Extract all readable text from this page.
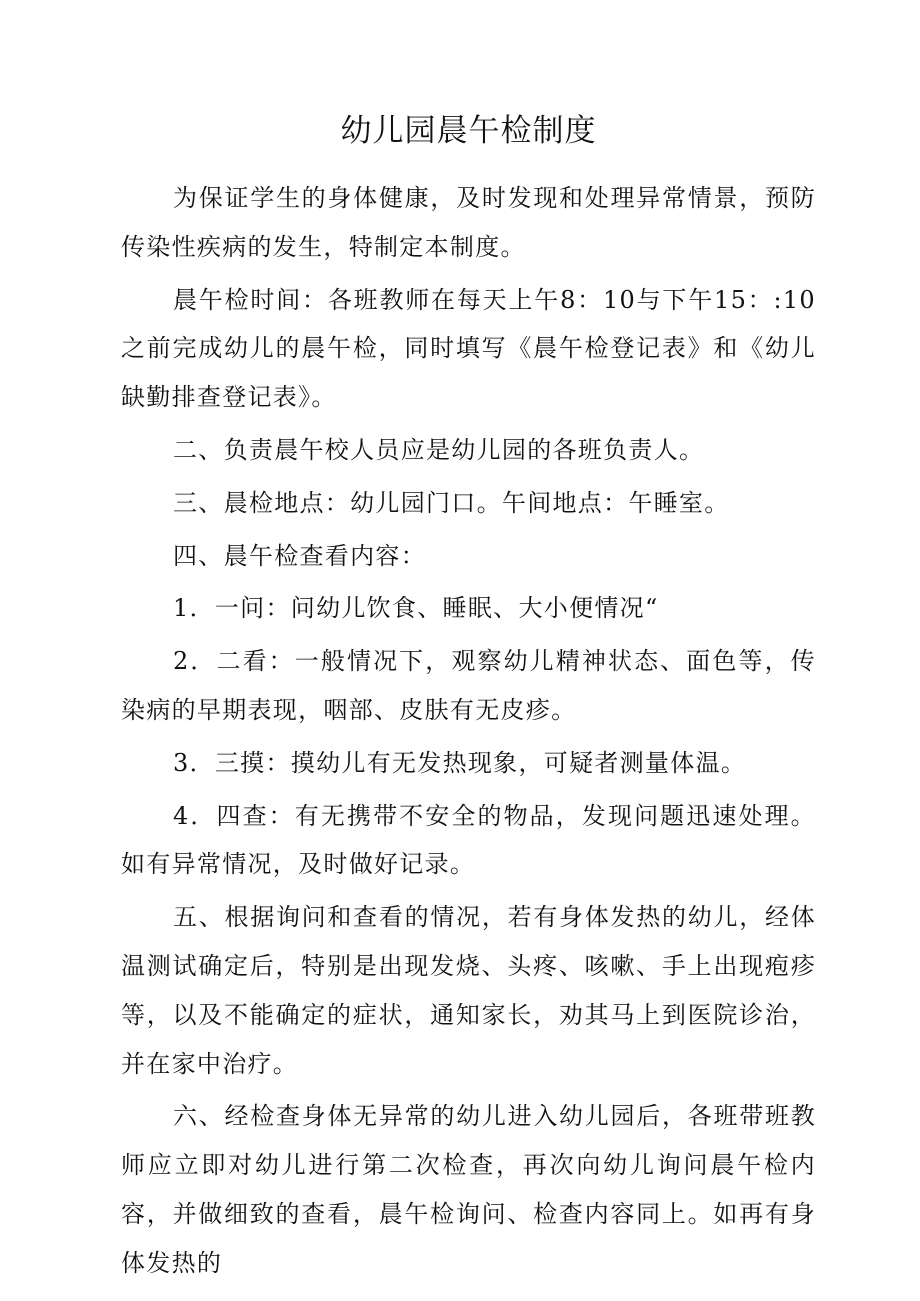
幼儿园晨午检制度

为保证学生的身体健康，及时发现和处理异常情景，预防传染性疾病的发生，特制定本制度。

晨午检时间：各班教师在每天上午8：10与下午15：:10之前完成幼儿的晨午检，同时填写《晨午检登记表》和《幼儿缺勤排查登记表》。

二、负责晨午校人员应是幼儿园的各班负责人。

三、晨检地点：幼儿园门口。午间地点：午睡室。

四、晨午检查看内容：

1．一问：问幼儿饮食、睡眠、大小便情况“

2．二看：一般情况下，观察幼儿精神状态、面色等，传染病的早期表现，咽部、皮肤有无皮疹。

3．三摸：摸幼儿有无发热现象，可疑者测量体温。

4．四查：有无携带不安全的物品，发现问题迅速处理。如有异常情况，及时做好记录。

五、根据询问和查看的情况，若有身体发热的幼儿，经体温测试确定后，特别是出现发烧、头疼、咳嗽、手上出现疱疹等，以及不能确定的症状，通知家长，劝其马上到医院诊治，并在家中治疗。

六、经检查身体无异常的幼儿进入幼儿园后，各班带班教师应立即对幼儿进行第二次检查，再次向幼儿询问晨午检内容，并做细致的查看，晨午检询问、检查内容同上。如再有身体发热的
